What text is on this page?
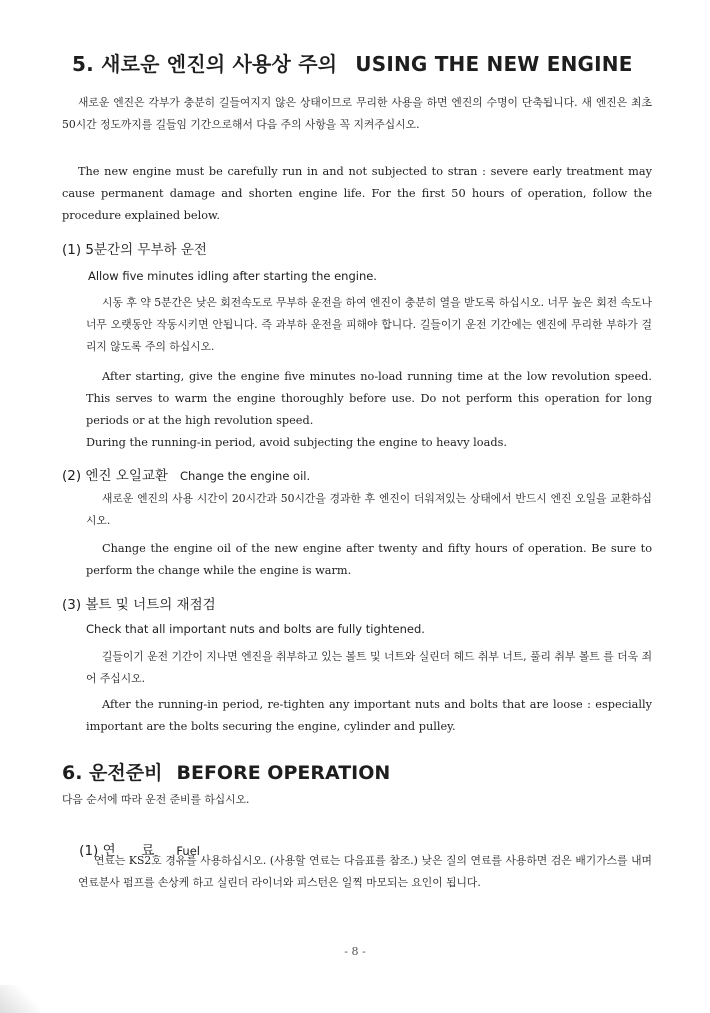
5. 새로운 엔진의 사용상 주의 USING THE NEW ENGINE
새로운 엔진은 각부가 충분히 길들여지지 않은 상태이므로 무리한 사용을 하면 엔진의 수명이 단축됩니다. 새 엔진은 최초 50시간 정도까지를 길들임 기간으로해서 다음 주의 사항을 꼭 지켜주십시오.
The new engine must be carefully run in and not subjected to stran : severe early treatment may cause permanent damage and shorten engine life. For the first 50 hours of operation, follow the procedure explained below.
(1) 5분간의 무부하 운전
Allow five minutes idling after starting the engine.
시동 후 약 5분간은 낮은 회전속도로 무부하 운전을 하여 엔진이 충분히 열을 받도록 하십시오. 너무 높은 회전 속도나 너무 오랫동안 작동시키면 안됩니다. 즉 과부하 운전을 피해야 합니다. 길들이기 운전 기간에는 엔진에 무리한 부하가 걸리지 않도록 주의 하십시오.
After starting, give the engine five minutes no-load running time at the low revolution speed. This serves to warm the engine thoroughly before use. Do not perform this operation for long periods or at the high revolution speed.
During the running-in period, avoid subjecting the engine to heavy loads.
(2) 엔진 오일교환 Change the engine oil.
새로운 엔진의 사용 시간이 20시간과 50시간을 경과한 후 엔진이 더워져있는 상태에서 반드시 엔진 오일을 교환하십시오.
Change the engine oil of the new engine after twenty and fifty hours of operation. Be sure to perform the change while the engine is warm.
(3) 볼트 및 너트의 재점검
Check that all important nuts and bolts are fully tightened.
길들이기 운전 기간이 지나면 엔진을 취부하고 있는 볼트 및 너트와 실린더 헤드 취부 너트, 풀리 취부 볼트 를 더욱 죄어 주십시오.
After the running-in period, re-tighten any important nuts and bolts that are loose : especially important are the bolts securing the engine, cylinder and pulley.
6. 운전준비 BEFORE OPERATION
다음 순서에 따라 운전 준비를 하십시오.

(1) 연      료 Fuel

연료는 KS2호 경유를 사용하십시오. (사용할 연료는 다음표를 참조.) 낮은 질의 연료를 사용하면 검은 배기가스를 내며 연료분사 펌프를 손상케 하고 실린더 라이너와 피스턴은 일찍 마모되는 요인이 됩니다.
- 8 -
